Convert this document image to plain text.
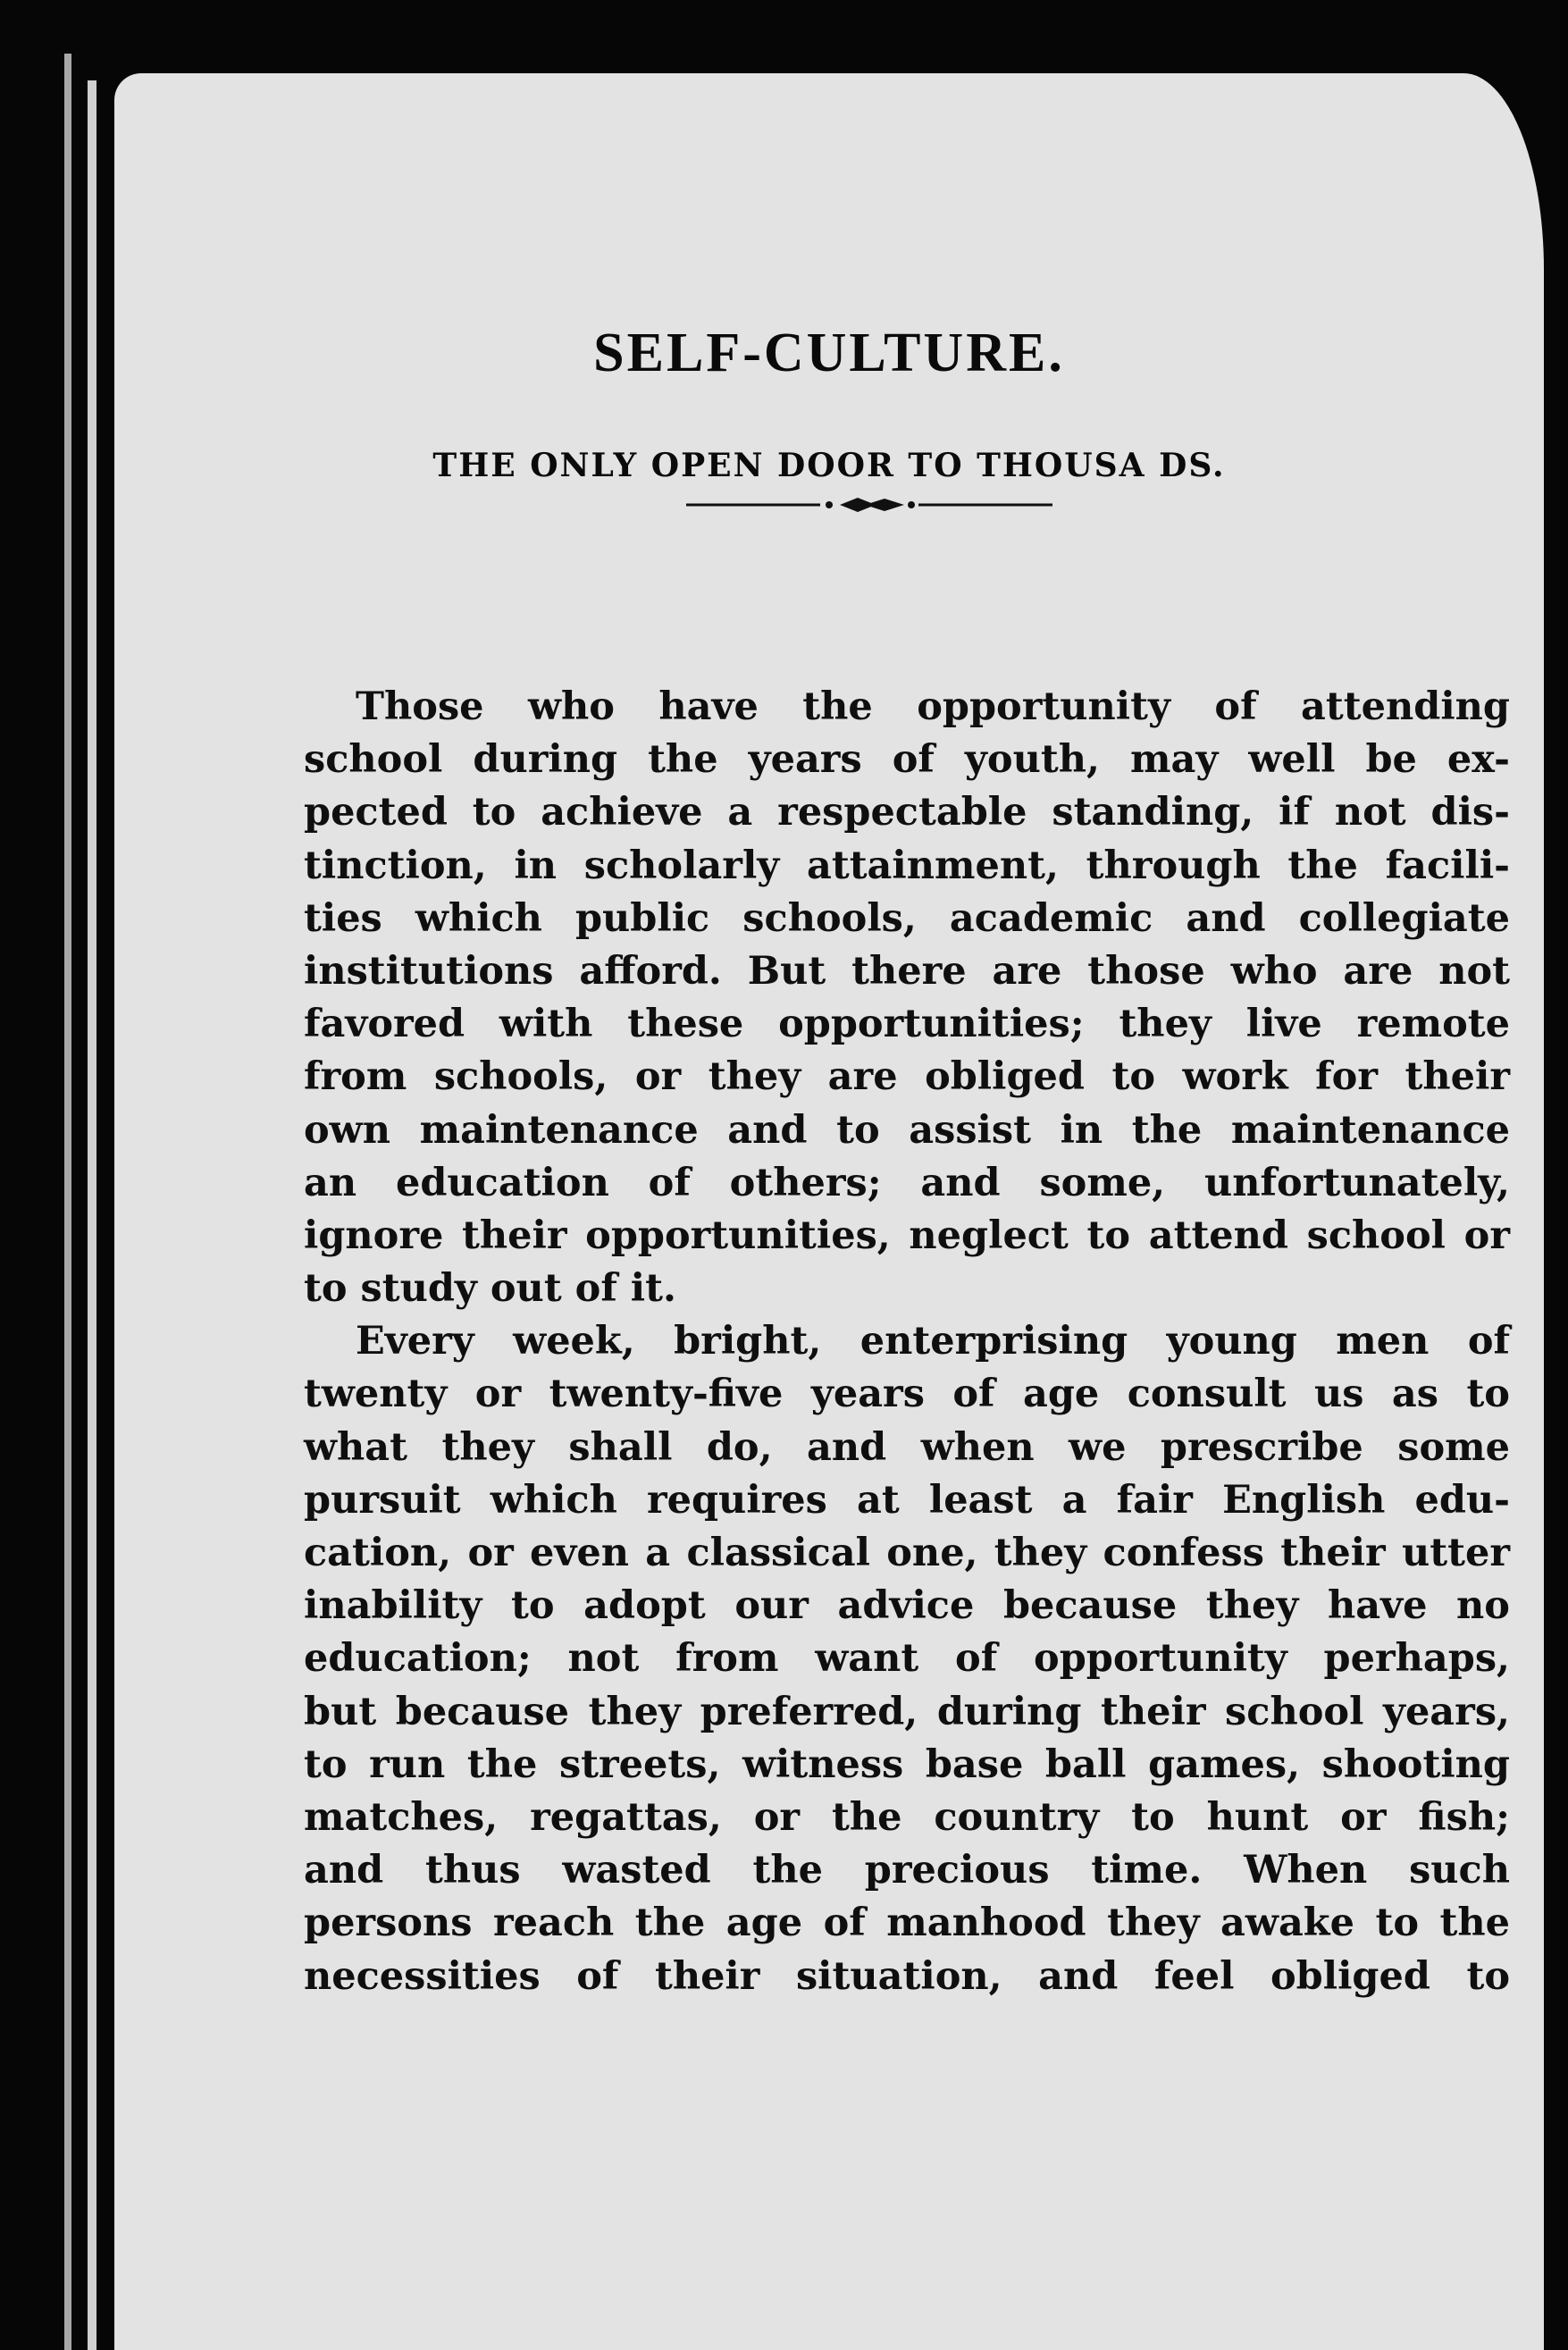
SELF-CULTURE.
THE ONLY OPEN DOOR TO THOUSA DS.
Those who have the opportunity of attending
school during the years of youth, may well be ex-
pected to achieve a respectable standing, if not dis-
tinction, in scholarly attainment, through the facili-
ties which public schools, academic and collegiate
institutions afford. But there are those who are not
favored with these opportunities; they live remote
from schools, or they are obliged to work for their
own maintenance and to assist in the maintenance
an education of others; and some, unfortunately,
ignore their opportunities, neglect to attend school or
to study out of it.
Every week, bright, enterprising young men of
twenty or twenty-five years of age consult us as to
what they shall do, and when we prescribe some
pursuit which requires at least a fair English edu-
cation, or even a classical one, they confess their utter
inability to adopt our advice because they have no
education; not from want of opportunity perhaps,
but because they preferred, during their school years,
to run the streets, witness base ball games, shooting
matches, regattas, or the country to hunt or fish;
and thus wasted the precious time. When such
persons reach the age of manhood they awake to the
necessities of their situation, and feel obliged to
